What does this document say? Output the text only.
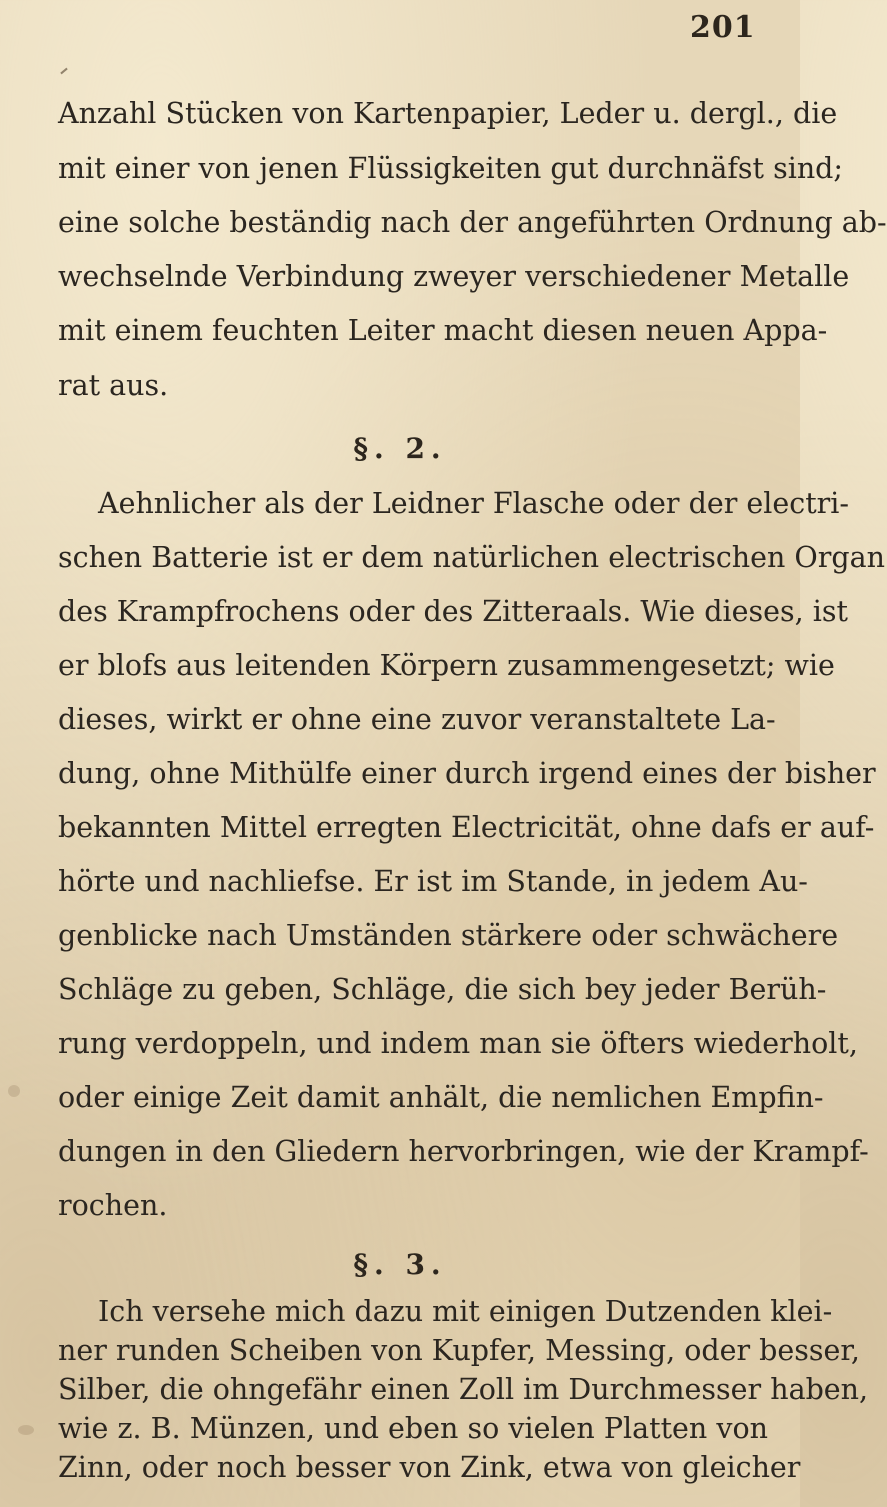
201
Anzahl Stücken von Kartenpapier, Leder u. dergl., die
mit einer von jenen Flüssigkeiten gut durchnäfst sind;
eine solche beständig nach der angeführten Ordnung ab-
wechselnde Verbindung zweyer verschiedener Metalle
mit einem feuchten Leiter macht diesen neuen Appa-
rat aus.
§. 2.
Aehnlicher als der Leidner Flasche oder der electri-
schen Batterie ist er dem natürlichen electrischen Organ
des Krampfrochens oder des Zitteraals. Wie dieses, ist
er blofs aus leitenden Körpern zusammengesetzt; wie
dieses, wirkt er ohne eine zuvor veranstaltete La-
dung, ohne Mithülfe einer durch irgend eines der bisher
bekannten Mittel erregten Electricität, ohne dafs er auf-
hörte und nachliefse. Er ist im Stande, in jedem Au-
genblicke nach Umständen stärkere oder schwächere
Schläge zu geben, Schläge, die sich bey jeder Berüh-
rung verdoppeln, und indem man sie öfters wiederholt,
oder einige Zeit damit anhält, die nemlichen Empfin-
dungen in den Gliedern hervorbringen, wie der Krampf-
rochen.
§. 3.
Ich versehe mich dazu mit einigen Dutzenden klei-
ner runden Scheiben von Kupfer, Messing, oder besser,
Silber, die ohngefähr einen Zoll im Durchmesser haben,
wie z. B. Münzen, und eben so vielen Platten von
Zinn, oder noch besser von Zink, etwa von gleicher
